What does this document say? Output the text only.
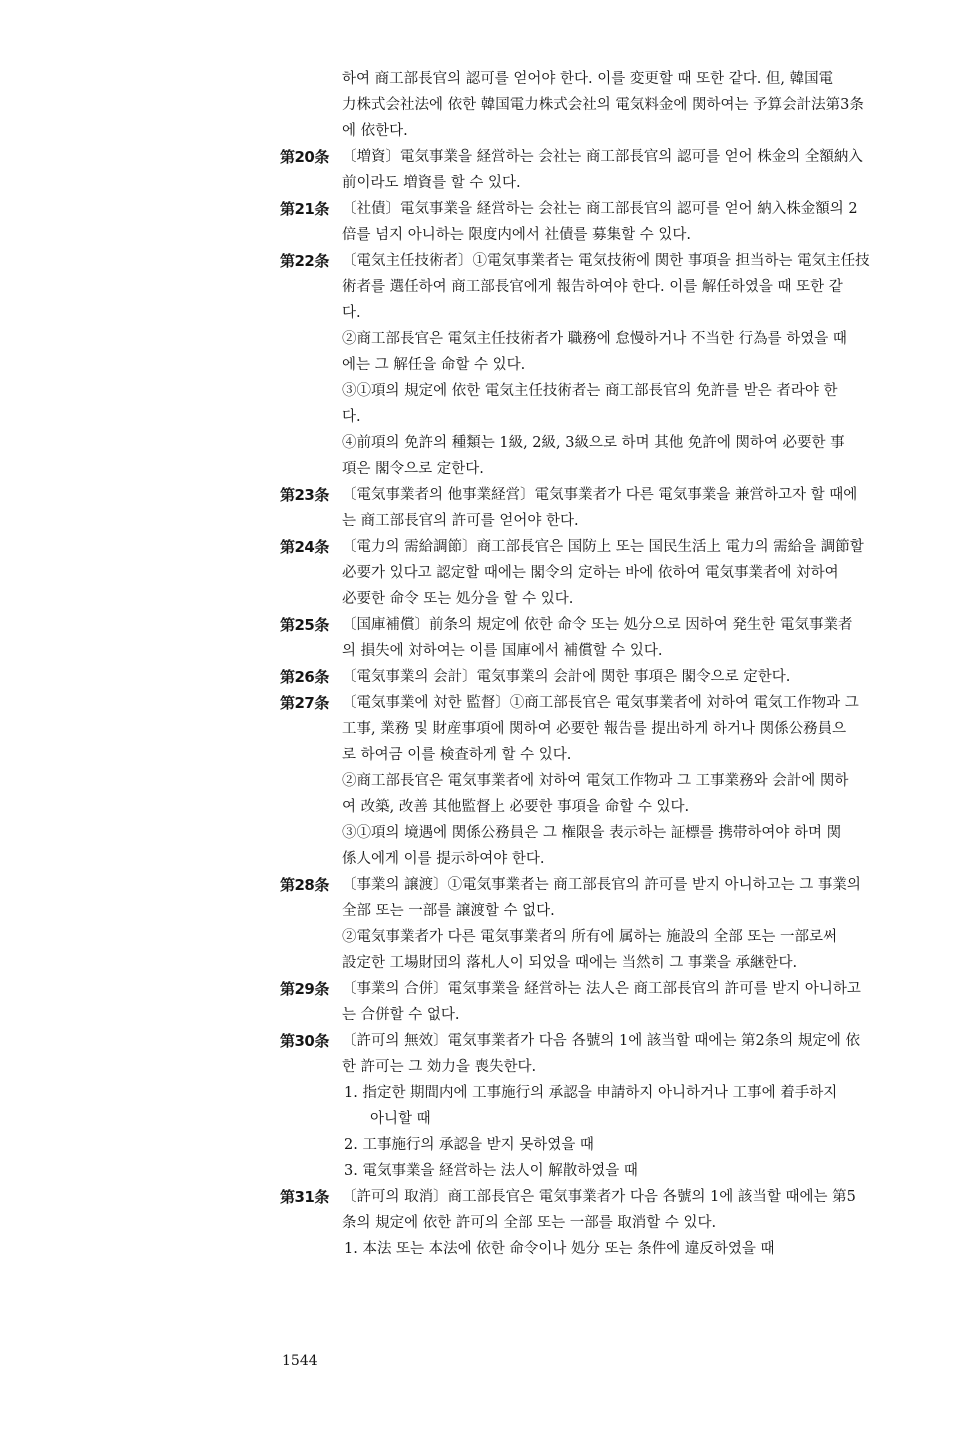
하여 商工部長官의 認可를 얻어야 한다. 이를 変更할 때 또한 같다. 但, 韓国電
力株式会社法에 依한 韓国電力株式会社의 電気料金에 関하여는 予算会計法第3条
에 依한다.
第20条 〔増資〕電気事業을 経営하는 会社는 商工部長官의 認可를 얻어 株金의 全額納入
前이라도 増資를 할 수 있다.
第21条 〔社債〕電気事業을 経営하는 会社는 商工部長官의 認可를 얻어 納入株金額의 2
倍를 넘지 아니하는 限度内에서 社債를 募集할 수 있다.
第22条 〔電気主任技術者〕①電気事業者는 電気技術에 関한 事項을 担当하는 電気主任技
術者를 選任하여 商工部長官에게 報告하여야 한다. 이를 解任하였을 때 또한 같
다.
②商工部長官은 電気主任技術者가 職務에 怠慢하거나 不当한 行為를 하였을 때
에는 그 解任을 命할 수 있다.
③①項의 規定에 依한 電気主任技術者는 商工部長官의 免許를 받은 者라야 한
다.
④前項의 免許의 種類는 1級, 2級, 3級으로 하며 其他 免許에 関하여 必要한 事
項은 閣令으로 定한다.
第23条 〔電気事業者의 他事業経営〕電気事業者가 다른 電気事業을 兼営하고자 할 때에
는 商工部長官의 許可를 얻어야 한다.
第24条 〔電力의 需給調節〕商工部長官은 国防上 또는 国民生活上 電力의 需給을 調節할
必要가 있다고 認定할 때에는 閣令의 定하는 바에 依하여 電気事業者에 対하여
必要한 命令 또는 処分을 할 수 있다.
第25条 〔国庫補償〕前条의 規定에 依한 命令 또는 処分으로 因하여 発生한 電気事業者
의 損失에 対하여는 이를 国庫에서 補償할 수 있다.
第26条 〔電気事業의 会計〕電気事業의 会計에 関한 事項은 閣令으로 定한다.
第27条 〔電気事業에 対한 監督〕①商工部長官은 電気事業者에 対하여 電気工作物과 그
工事, 業務 및 財産事項에 関하여 必要한 報告를 提出하게 하거나 関係公務員으
로 하여금 이를 検査하게 할 수 있다.
②商工部長官은 電気事業者에 対하여 電気工作物과 그 工事業務와 会計에 関하
여 改築, 改善 其他監督上 必要한 事項을 命할 수 있다.
③①項의 境遇에 関係公務員은 그 権限을 表示하는 証標를 携帯하여야 하며 関
係人에게 이를 提示하여야 한다.
第28条 〔事業의 譲渡〕①電気事業者는 商工部長官의 許可를 받지 아니하고는 그 事業의
全部 또는 一部를 譲渡할 수 없다.
②電気事業者가 다른 電気事業者의 所有에 属하는 施設의 全部 또는 一部로써
設定한 工場財団의 落札人이 되었을 때에는 当然히 그 事業을 承継한다.
第29条 〔事業의 合併〕電気事業을 経営하는 法人은 商工部長官의 許可를 받지 아니하고
는 合併할 수 없다.
第30条 〔許可의 無效〕電気事業者가 다음 各號의 1에 該当할 때에는 第2条의 規定에 依
한 許可는 그 効力을 喪失한다.
1. 指定한 期間内에 工事施行의 承認을 申請하지 아니하거나 工事에 着手하지
아니할 때
2. 工事施行의 承認을 받지 못하였을 때
3. 電気事業을 経営하는 法人이 解散하였을 때
第31条 〔許可의 取消〕商工部長官은 電気事業者가 다음 各號의 1에 該当할 때에는 第5
条의 規定에 依한 許可의 全部 또는 一部를 取消할 수 있다.
1. 本法 또는 本法에 依한 命令이나 処分 또는 条件에 違反하였을 때
1544
